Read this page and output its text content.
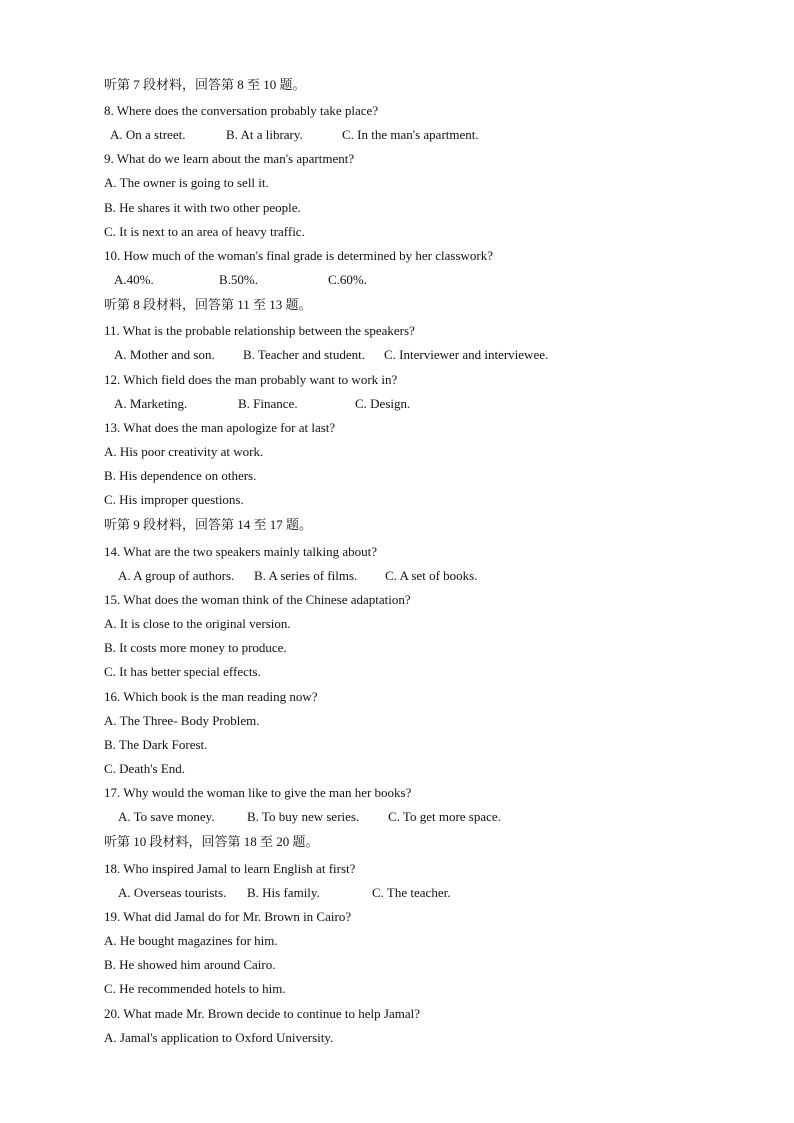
听第 7 段材料，回答第 8 至 10 题。
8. Where does the conversation probably take place?

A. On a street.

	B. At a library.

	C. In the man's apartment.

9. What do we learn about the man's apartment?
A. The owner is going to sell it.
B. He shares it with two other people.
C. It is next to an area of heavy traffic.
10. How much of the woman's final grade is determined by her classwork?

A.40%.

	B.50%.

	C.60%.

听第 8 段材料，回答第 11 至 13 题。
11. What is the probable relationship between the speakers?

A. Mother and son.

B. Teacher and student.

C. Interviewer and interviewee.

12. Which field does the man probably want to work in?

A. Marketing.

	B. Finance.

	C. Design.

13. What does the man apologize for at last?
A. His poor creativity at work.
B. His dependence on others.
C. His improper questions.
听第 9 段材料，回答第 14 至 17 题。
14. What are the two speakers mainly talking about?

A. A group of authors.

B. A series of films.

C. A set of books.

15. What does the woman think of the Chinese adaptation?
A. It is close to the original version.
B. It costs more money to produce.
C. It has better special effects.
16. Which book is the man reading now?
A. The Three- Body Problem.
B. The Dark Forest.
C. Death's End.
17. Why would the woman like to give the man her books?

A. To save money.

B. To buy new series.

C. To get more space.

听第 10 段材料，回答第 18 至 20 题。
18. Who inspired Jamal to learn English at first?

A. Overseas tourists.

B. His family.

	C. The teacher.

19. What did Jamal do for Mr. Brown in Cairo?
A. He bought magazines for him.
B. He showed him around Cairo.
C. He recommended hotels to him.
20. What made Mr. Brown decide to continue to help Jamal?
A. Jamal's application to Oxford University.
